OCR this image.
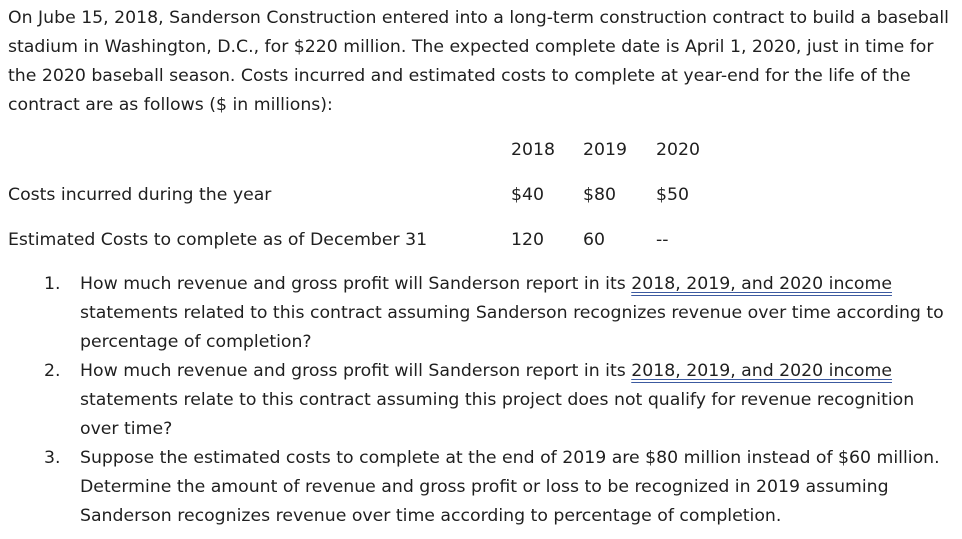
On Jube 15, 2018, Sanderson Construction entered into a long-term construction contract to build a baseball stadium in Washington, D.C., for $220 million. The expected complete date is April 1, 2020, just in time for the 2020 baseball season. Costs incurred and estimated costs to complete at year-end for the life of the contract are as follows ($ in millions):

2018 2019 2020
Costs incurred during the year	$40 $80 $50
Estimated Costs to complete as of December 31	120 60	--
1. How much revenue and gross profit will Sanderson report in its 2018, 2019, and 2020 income statements related to this contract assuming Sanderson recognizes revenue over time according to percentage of completion?
2. How much revenue and gross profit will Sanderson report in its 2018, 2019, and 2020 income statements relate to this contract assuming this project does not qualify for revenue recognition over time?
3. Suppose the estimated costs to complete at the end of 2019 are $80 million instead of $60 million. Determine the amount of revenue and gross profit or loss to be recognized in 2019 assuming Sanderson recognizes revenue over time according to percentage of completion.
